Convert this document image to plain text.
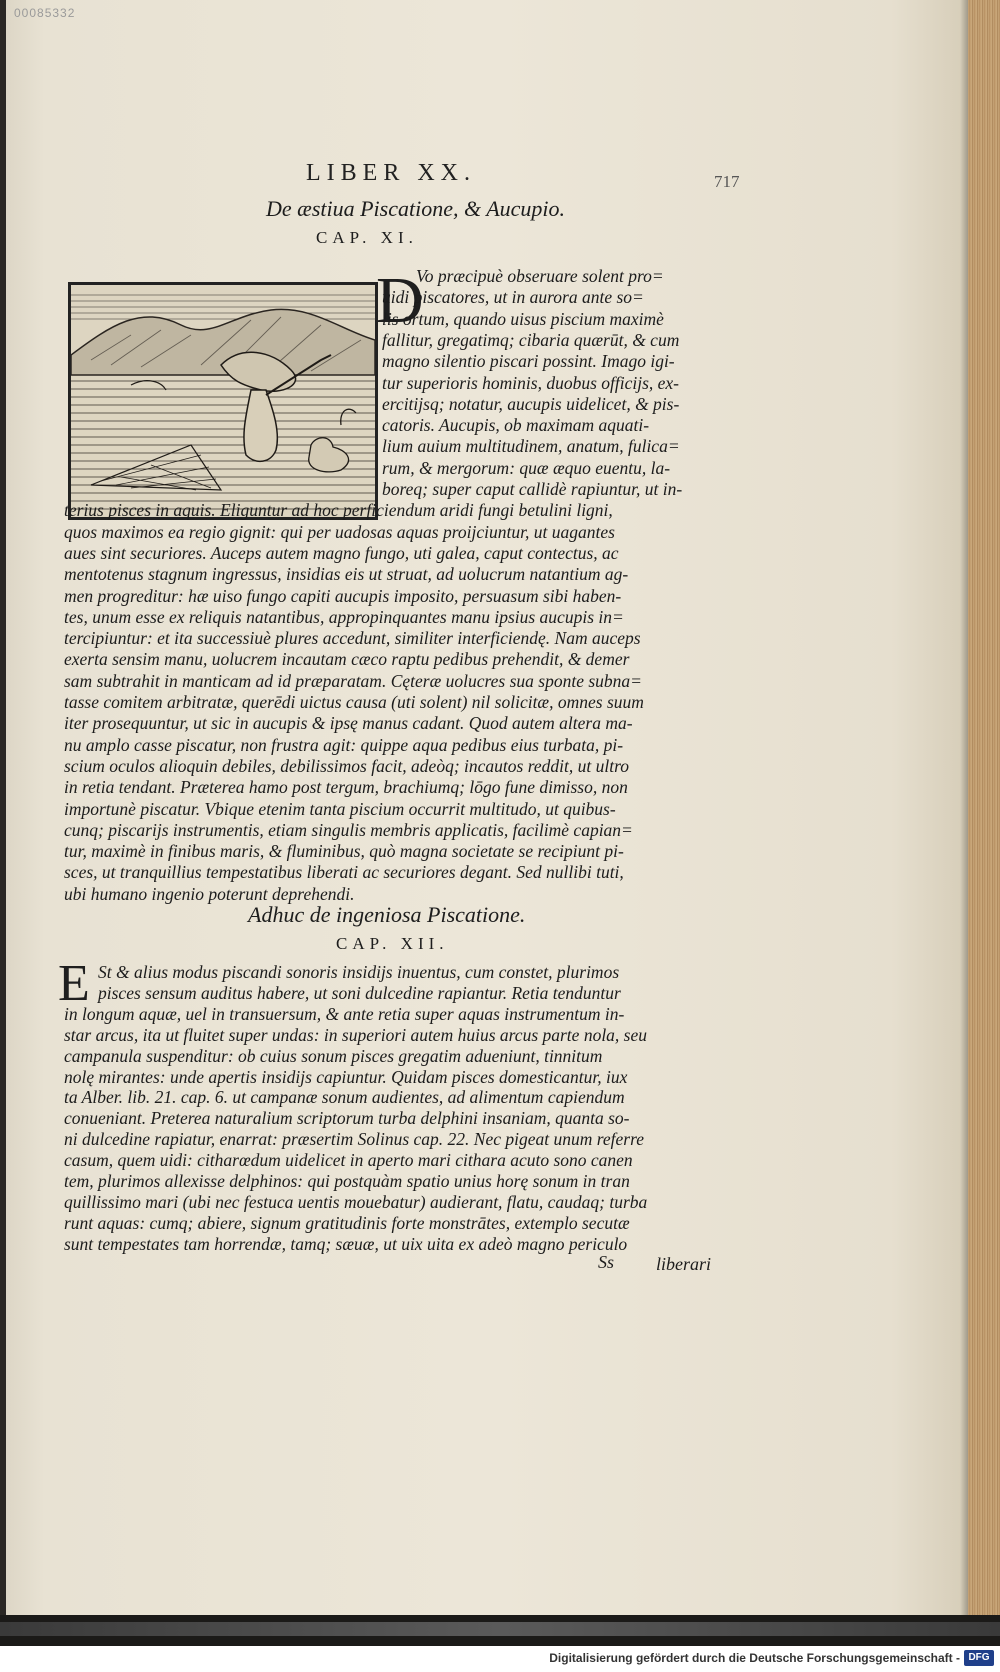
00085332
LIBER XX.	717
De æstiua Piscatione, & Aucupio.
CAP. XI.
D
Vo præcipuè obseruare solent pro=
uidi piscatores, ut in aurora ante so=
lis ortum, quando uisus piscium maximè
fallitur, gregatimq; cibaria quærūt, & cum
magno silentio piscari possint. Imago igi-
tur superioris hominis, duobus officijs, ex-
ercitijsq; notatur, aucupis uidelicet, & pis-
catoris. Aucupis, ob maximam aquati-
lium auium multitudinem, anatum, fulica=
rum, & mergorum: quæ æquo euentu, la-
boreq; super caput callidè rapiuntur, ut in-
terius pisces in aquis. Eliguntur ad hoc perficiendum aridi fungi betulini ligni,
quos maximos ea regio gignit: qui per uadosas aquas proijciuntur, ut uagantes
aues sint securiores. Auceps autem magno fungo, uti galea, caput contectus, ac
mentotenus stagnum ingressus, insidias eis ut struat, ad uolucrum natantium ag-
men progreditur: hæ uiso fungo capiti aucupis imposito, persuasum sibi haben-
tes, unum esse ex reliquis natantibus, appropinquantes manu ipsius aucupis in=
tercipiuntur: et ita successiuè plures accedunt, similiter interficiendę. Nam auceps
exerta sensim manu, uolucrem incautam cæco raptu pedibus prehendit, & demer
sam subtrahit in manticam ad id præparatam. Cęteræ uolucres sua sponte subna=
tasse comitem arbitratæ, querēdi uictus causa (uti solent) nil solicitæ, omnes suum
iter prosequuntur, ut sic in aucupis & ipsę manus cadant. Quod autem altera ma-
nu amplo casse piscatur, non frustra agit: quippe aqua pedibus eius turbata, pi-
scium oculos alioquin debiles, debilissimos facit, adeòq; incautos reddit, ut ultro
in retia tendant. Præterea hamo post tergum, brachiumq; lōgo fune dimisso, non
importunè piscatur. Vbique etenim tanta piscium occurrit multitudo, ut quibus-
cunq; piscarijs instrumentis, etiam singulis membris applicatis, facilimè capian=
tur, maximè in finibus maris, & fluminibus, quò magna societate se recipiunt pi-
sces, ut tranquillius tempestatibus liberati ac securiores degant. Sed nullibi tuti,
ubi humano ingenio poterunt deprehendi.
Adhuc de ingeniosa Piscatione.
CAP. XII.
E St & alius modus piscandi sonoris insidijs inuentus, cum constet, plurimos
pisces sensum auditus habere, ut soni dulcedine rapiantur. Retia tenduntur
in longum aquæ, uel in transuersum, & ante retia super aquas instrumentum in-
star arcus, ita ut fluitet super undas: in superiori autem huius arcus parte nola, seu
campanula suspenditur: ob cuius sonum pisces gregatim adueniunt, tinnitum
nolę mirantes: unde apertis insidijs capiuntur. Quidam pisces domesticantur, iux
ta Alber. lib. 21. cap. 6. ut campanæ sonum audientes, ad alimentum capiendum
conueniant. Preterea naturalium scriptorum turba delphini insaniam, quanta so-
ni dulcedine rapiatur, enarrat: præsertim Solinus cap. 22. Nec pigeat unum referre
casum, quem uidi: citharœdum uidelicet in aperto mari cithara acuto sono canen
tem, plurimos allexisse delphinos: qui postquàm spatio unius horę sonum in tran
quillissimo mari (ubi nec festuca uentis mouebatur) audierant, flatu, caudaq; turba
runt aquas: cumq; abiere, signum gratitudinis forte monstrātes, extemplo secutæ
sunt tempestates tam horrendæ, tamq; sæuæ, ut uix uita ex adeò magno periculo
Ss liberari
Digitalisierung gefördert durch die Deutsche Forschungsgemeinschaft - DFG
